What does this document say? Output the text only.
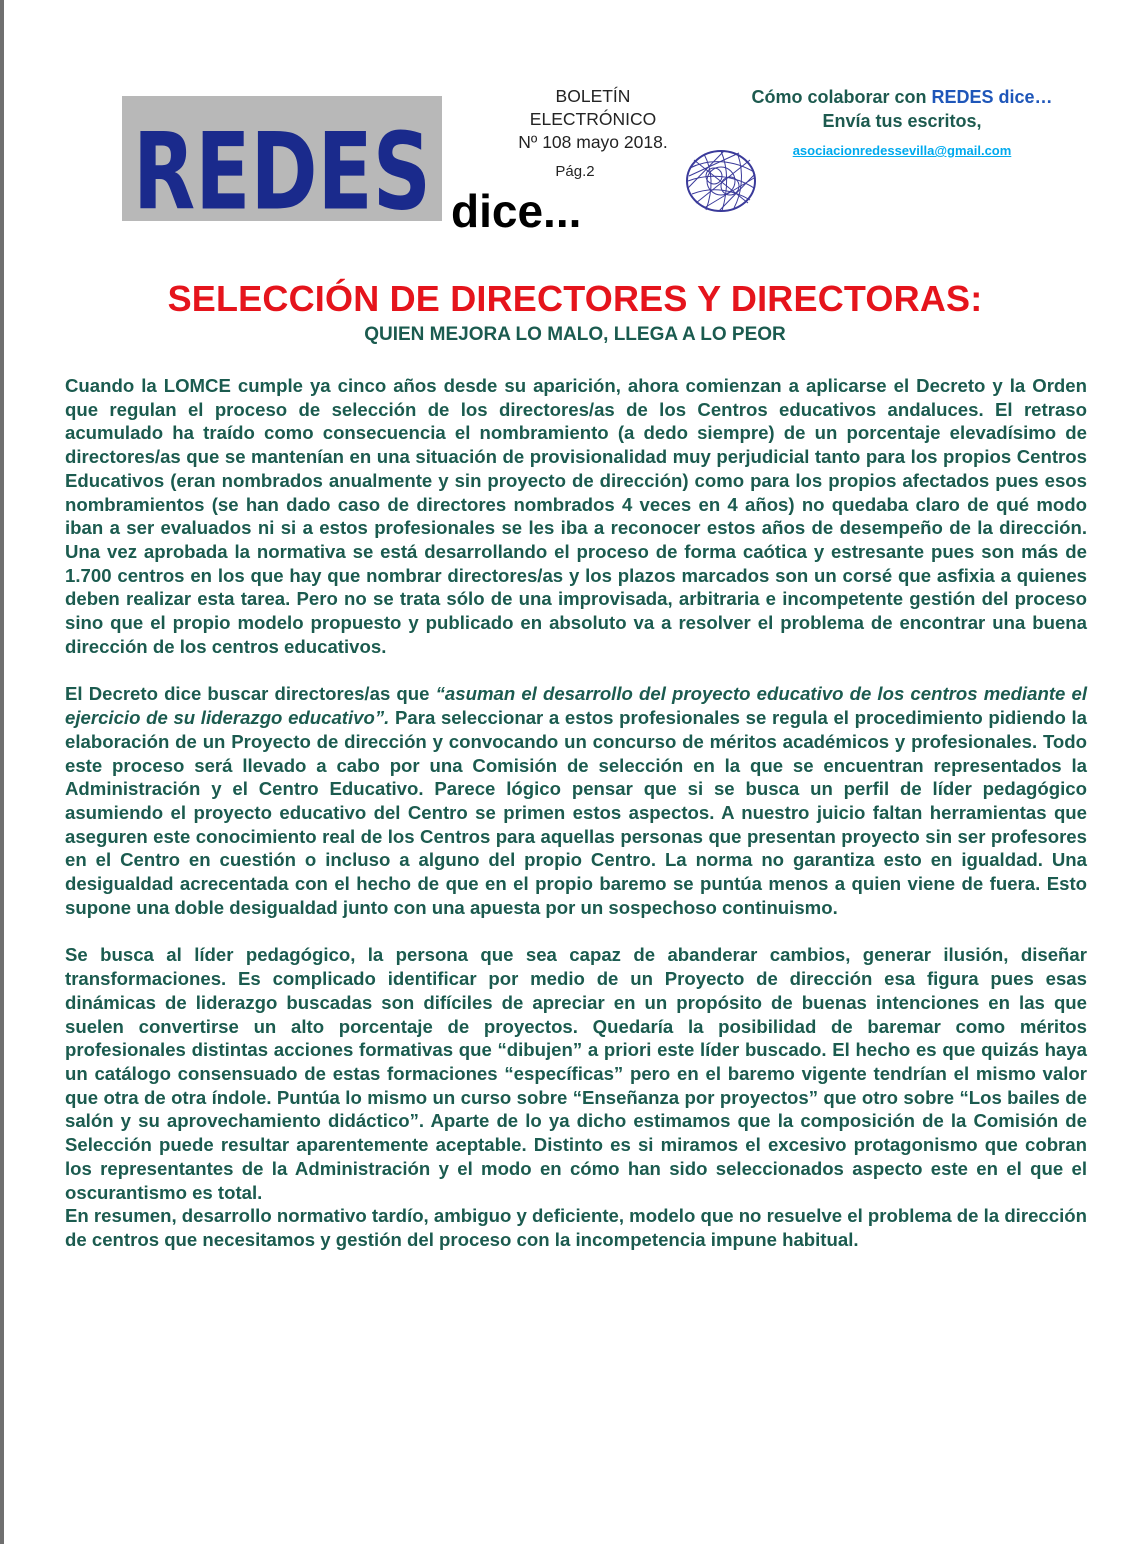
REDES dice...
BOLETÍN
ELECTRÓNICO
Nº 108 mayo 2018.
Pág.2
Cómo colaborar con REDES dice…
Envía tus escritos,
asociacionredessevilla@gmail.com
SELECCIÓN DE DIRECTORES Y DIRECTORAS:
QUIEN MEJORA LO MALO, LLEGA A LO PEOR

Cuando la LOMCE cumple ya cinco años desde su aparición, ahora comienzan a aplicarse el Decreto y la Orden que regulan el proceso de selección de los directores/as de los Centros educativos andaluces. El retraso acumulado ha traído como consecuencia el nombramiento (a dedo siempre) de un porcentaje elevadísimo de directores/as que se mantenían en una situación de provisionalidad muy perjudicial tanto para los propios Centros Educativos (eran nombrados anualmente y sin proyecto de dirección) como para los propios afectados pues esos nombramientos (se han dado caso de directores nombrados 4 veces en 4 años) no quedaba claro de qué modo iban a ser evaluados ni si a estos profesionales se les iba a reconocer estos años de desempeño de la dirección. Una vez aprobada la normativa se está desarrollando el proceso de forma caótica y estresante pues son más de 1.700 centros en los que hay que nombrar directores/as y los plazos marcados son un corsé que asfixia a quienes deben realizar esta tarea. Pero no se trata sólo de una improvisada, arbitraria e incompetente gestión del proceso sino que el propio modelo propuesto y publicado en absoluto va a resolver el problema de encontrar una buena dirección de los centros educativos.

El Decreto dice buscar directores/as que “asuman el desarrollo del proyecto educativo de los centros mediante el ejercicio de su liderazgo educativo”. Para seleccionar a estos profesionales se regula el procedimiento pidiendo la elaboración de un Proyecto de dirección y convocando un concurso de méritos académicos y profesionales. Todo este proceso será llevado a cabo por una Comisión de selección en la que se encuentran representados la Administración y el Centro Educativo. Parece lógico pensar que si se busca un perfil de líder pedagógico asumiendo el proyecto educativo del Centro se primen estos aspectos. A nuestro juicio faltan herramientas que aseguren este conocimiento real de los Centros para aquellas personas que presentan proyecto sin ser profesores en el Centro en cuestión o incluso a alguno del propio Centro. La norma no garantiza esto en igualdad. Una desigualdad acrecentada con el hecho de que en el propio baremo se puntúa menos a quien viene de fuera. Esto supone una doble desigualdad junto con una apuesta por un sospechoso continuismo.

Se busca al líder pedagógico, la persona que sea capaz de abanderar cambios, generar ilusión, diseñar transformaciones. Es complicado identificar por medio de un Proyecto de dirección esa figura pues esas dinámicas de liderazgo buscadas son difíciles de apreciar en un propósito de buenas intenciones en las que suelen convertirse un alto porcentaje de proyectos. Quedaría la posibilidad de baremar como méritos profesionales distintas acciones formativas que “dibujen” a priori este líder buscado. El hecho es que quizás haya un catálogo consensuado de estas formaciones “específicas” pero en el baremo vigente tendrían el mismo valor que otra de otra índole. Puntúa lo mismo un curso sobre “Enseñanza por proyectos” que otro sobre “Los bailes de salón y su aprovechamiento didáctico”. Aparte de lo ya dicho estimamos que la composición de la Comisión de Selección puede resultar aparentemente aceptable. Distinto es si miramos el excesivo protagonismo que cobran los representantes de la Administración y el modo en cómo han sido seleccionados aspecto este en el que el oscurantismo es total.

En resumen, desarrollo normativo tardío, ambiguo y deficiente, modelo que no resuelve el problema de la dirección de centros que necesitamos y gestión del proceso con la incompetencia impune habitual.
